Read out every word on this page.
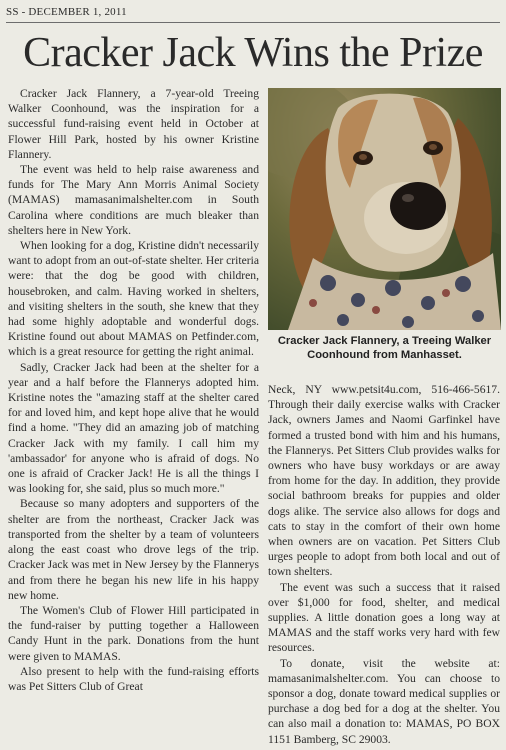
SS - DECEMBER 1, 2011
Cracker Jack Wins the Prize

Cracker Jack Flannery, a 7-year-old Treeing Walker Coonhound, was the inspiration for a successful fund-raising event held in October at Flower Hill Park, hosted by his owner Kristine Flannery.

The event was held to help raise awareness and funds for The Mary Ann Morris Animal Society (MAMAS) mamasanimalshelter.com in South Carolina where conditions are much bleaker than shelters here in New York.

When looking for a dog, Kristine didn't necessarily want to adopt from an out-of-state shelter. Her criteria were: that the dog be good with children, housebroken, and calm. Having worked in shelters, and visiting shelters in the south, she knew that they had some highly adoptable and wonderful dogs. Kristine found out about MAMAS on Petfinder.com, which is a great resource for getting the right animal.

Sadly, Cracker Jack had been at the shelter for a year and a half before the Flannerys adopted him. Kristine notes the "amazing staff at the shelter cared for and loved him, and kept hope alive that he would find a home. "They did an amazing job of matching Cracker Jack with my family. I call him my 'ambassador' for anyone who is afraid of dogs. No one is afraid of Cracker Jack! He is all the things I was looking for, she said, plus so much more."

Because so many adopters and supporters of the shelter are from the northeast, Cracker Jack was transported from the shelter by a team of volunteers along the east coast who drove legs of the trip. Cracker Jack was met in New Jersey by the Flannerys and from there he began his new life in his happy new home.

The Women's Club of Flower Hill participated in the fund-raiser by putting together a Halloween Candy Hunt in the park. Donations from the hunt were given to MAMAS.

Also present to help with the fund-raising efforts was Pet Sitters Club of Great

Cracker Jack Flannery, a Treeing Walker Coonhound from Manhasset.

Neck, NY www.petsit4u.com, 516-466-5617. Through their daily exercise walks with Cracker Jack, owners James and Naomi Garfinkel have formed a trusted bond with him and his humans, the Flannerys. Pet Sitters Club provides walks for owners who have busy workdays or are away from home for the day. In addition, they provide social bathroom breaks for puppies and older dogs alike. The service also allows for dogs and cats to stay in the comfort of their own home when owners are on vacation. Pet Sitters Club urges people to adopt from both local and out of town shelters.

The event was such a success that it raised over $1,000 for food, shelter, and medical supplies. A little donation goes a long way at MAMAS and the staff works very hard with few resources.

To donate, visit the website at: mamasanimalshelter.com. You can choose to sponsor a dog, donate toward medical supplies or purchase a dog bed for a dog at the shelter. You can also mail a donation to: MAMAS, PO BOX 1151 Bamberg, SC 29003.
